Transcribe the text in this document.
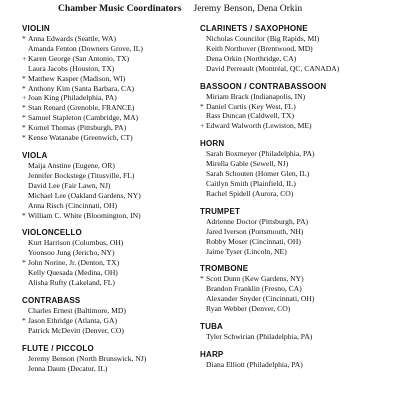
Chamber Music Coordinators Jeremy Benson, Dena Orkin
VIOLIN
* Anna Edwards (Seattle, WA)
Amanda Fenton (Downers Grove, IL)
+ Karen George (San Antonio, TX)
Laura Jacobs (Houston, TX)
* Matthew Kasper (Madison, WI)
* Anthony Kim (Santa Barbara, CA)
+ Joan King (Philadelphia, PA)
* Stan Renard (Grenoble, FRANCE)
* Samuel Stapleton (Cambridge, MA)
* Kornel Thomas (Pittsburgh, PA)
* Kenso Watanabe (Greenwich, CT)
VIOLA
Maija Anstine (Eugene, OR)
Jennifer Bockstege (Titusville, FL)
David Lee (Fair Lawn, NJ)
Michael Lee (Oakland Gardens, NY)
Anna Risch (Cincinnati, OH)
* William C. White (Bloomington, IN)
VIOLONCELLO
Kurt Harrison (Columbus, OH)
Yoonsoo Jung (Jericho, NY)
* John Norine, Jr. (Denton, TX)
Kelly Quesada (Medina, OH)
Alisha Rufty (Lakeland, FL)
CONTRABASS
Charles Ernest (Baltimore, MD)
* Jason Ethridge (Atlanta, GA)
Patrick McDevitt (Denver, CO)
FLUTE / PICCOLO
Jeremy Benson (North Brunswick, NJ)
Jenna Daum (Decatur, IL)
CLARINETS / SAXOPHONE
Nicholas Councilor (Big Rapids, MI)
Keith Northover (Brentwood, MD)
Dena Orkin (Northridge, CA)
David Perreault (Montréal, QC, CANADA)
BASSOON / CONTRABASSOON
Miriam Brack (Indianapolis, IN)
* Daniel Curtis (Key West, FL)
Rass Duncan (Caldwell, TX)
+ Edward Walworth (Lewiston, ME)
HORN
Sarah Boxmeyer (Philadelphia, PA)
Mirella Gable (Sewell, NJ)
Sarah Schouten (Homer Glen, IL)
Caitlyn Smith (Plainfield, IL)
Rachel Spidell (Aurora, CO)
TRUMPET
Adrienne Doctor (Pittsburgh, PA)
Jared Iverson (Portsmouth, NH)
Robby Moser (Cincinnati, OH)
Jaime Tyser (Lincoln, NE)
TROMBONE
* Scott Dunn (Kew Gardens, NY)
Brandon Franklin (Fresno, CA)
Alexander Snyder (Cincinnati, OH)
Ryan Webber (Denver, CO)
TUBA
Tyler Schwirian (Philadelphia, PA)
HARP
Diana Elliott (Philadelphia, PA)
